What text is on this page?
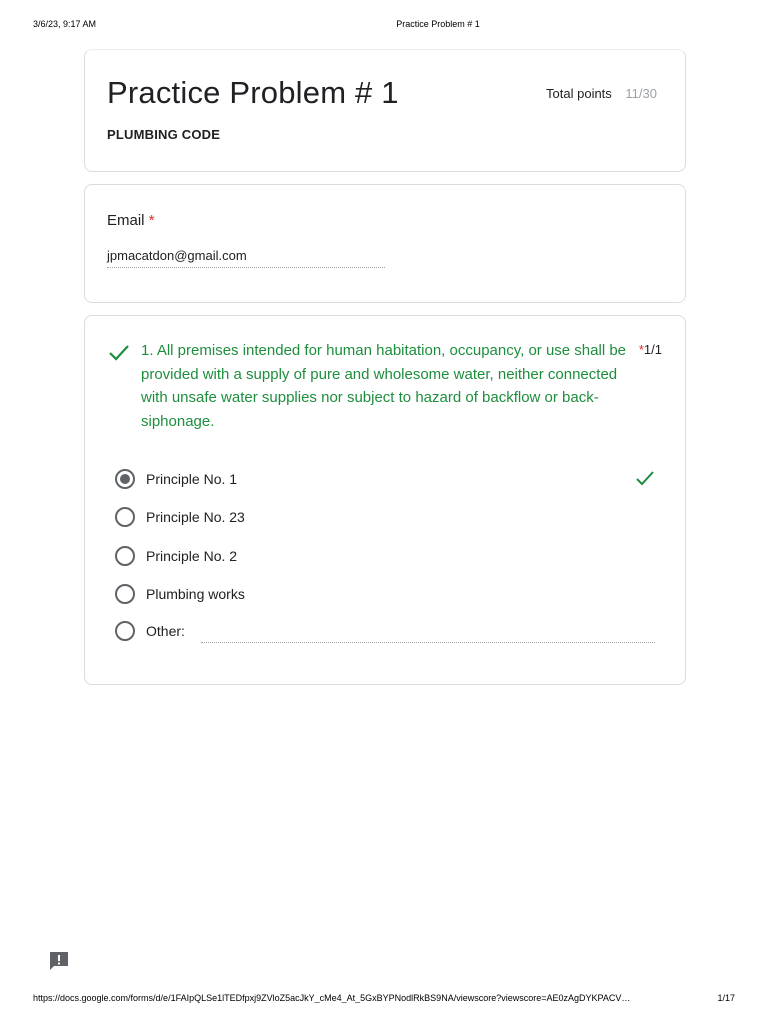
3/6/23, 9:17 AM	Practice Problem # 1
Practice Problem # 1
PLUMBING CODE
Total points 11/30
Email *
jpmacatdon@gmail.com
1. All premises intended for human habitation, occupancy, or use shall be provided with a supply of pure and wholesome water, neither connected with unsafe water supplies nor subject to hazard of backflow or back-siphonage.
*1/1
Principle No. 1
Principle No. 23
Principle No. 2
Plumbing works
Other:
https://docs.google.com/forms/d/e/1FAIpQLSe1lTEDfpxj9ZVloZ5acJkY_cMe4_At_5GxBYPNodlRkBS9NA/viewscore?viewscore=AE0zAgDYKPACV…	1/17
